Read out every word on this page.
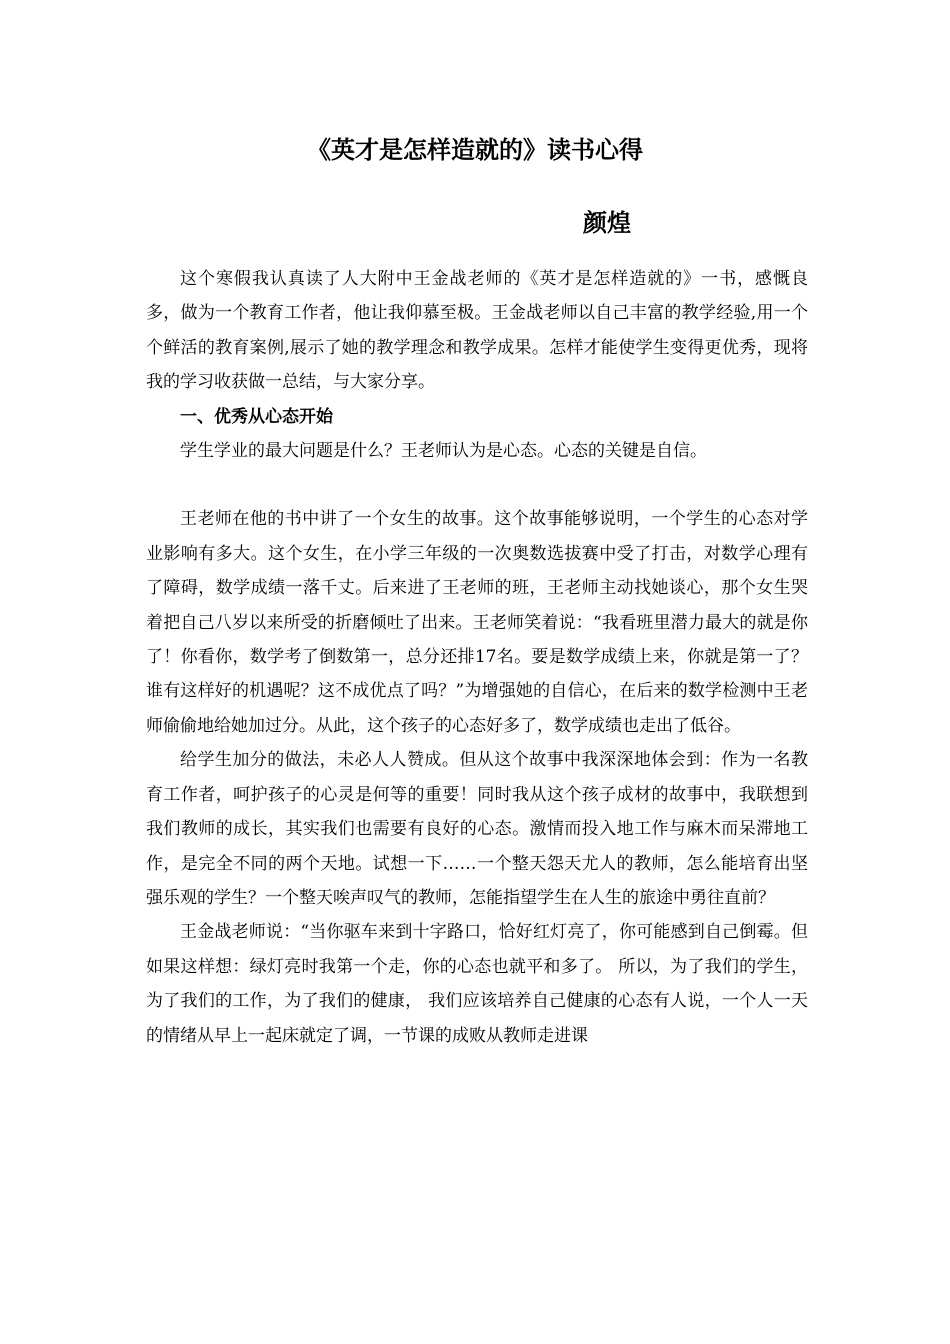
《英才是怎样造就的》读书心得
颜煌

这个寒假我认真读了人大附中王金战老师的《英才是怎样造就的》一书，感慨良多，做为一个教育工作者，他让我仰慕至极。王金战老师以自己丰富的教学经验,用一个个鲜活的教育案例,展示了她的教学理念和教学成果。怎样才能使学生变得更优秀，现将我的学习收获做一总结，与大家分享。

一、优秀从心态开始

学生学业的最大问题是什么？王老师认为是心态。心态的关键是自信。

王老师在他的书中讲了一个女生的故事。这个故事能够说明，一个学生的心态对学业影响有多大。这个女生，在小学三年级的一次奥数选拔赛中受了打击，对数学心理有了障碍，数学成绩一落千丈。后来进了王老师的班，王老师主动找她谈心，那个女生哭着把自己八岁以来所受的折磨倾吐了出来。王老师笑着说：“我看班里潜力最大的就是你了！你看你，数学考了倒数第一，总分还排17名。要是数学成绩上来，你就是第一了？谁有这样好的机遇呢？这不成优点了吗？”为增强她的自信心，在后来的数学检测中王老师偷偷地给她加过分。从此，这个孩子的心态好多了，数学成绩也走出了低谷。

给学生加分的做法，未必人人赞成。但从这个故事中我深深地体会到：作为一名教育工作者，呵护孩子的心灵是何等的重要！同时我从这个孩子成材的故事中，我联想到我们教师的成长，其实我们也需要有良好的心态。激情而投入地工作与麻木而呆滞地工作，是完全不同的两个天地。试想一下……一个整天怨天尤人的教师，怎么能培育出坚强乐观的学生？一个整天唉声叹气的教师，怎能指望学生在人生的旅途中勇往直前？

王金战老师说：“当你驱车来到十字路口，恰好红灯亮了，你可能感到自己倒霉。但如果这样想：绿灯亮时我第一个走，你的心态也就平和多了。 所以，为了我们的学生，为了我们的工作，为了我们的健康， 我们应该培养自己健康的心态有人说，一个人一天的情绪从早上一起床就定了调，一节课的成败从教师走进课
